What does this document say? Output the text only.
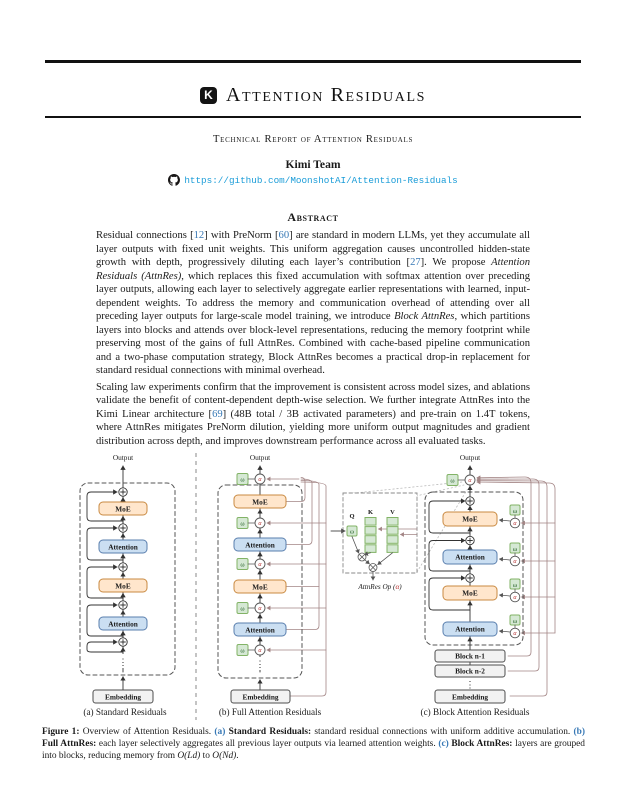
K Attention Residuals
Technical Report of Attention Residuals
Kimi Team
https://github.com/MoonshotAI/Attention-Residuals
Abstract

Residual connections [12] with PreNorm [60] are standard in modern LLMs, yet they accumulate all layer outputs with fixed unit weights. This uniform aggregation causes uncontrolled hidden-state growth with depth, progressively diluting each layer’s contribution [27]. We propose Attention Residuals (AttnRes), which replaces this fixed accumulation with softmax attention over preceding layer outputs, allowing each layer to selectively aggregate earlier representations with learned, input-dependent weights. To address the memory and communication overhead of attending over all preceding layer outputs for large-scale model training, we introduce Block AttnRes, which partitions layers into blocks and attends over block-level representations, reducing the memory footprint while preserving most of the gains of full AttnRes. Combined with cache-based pipeline communication and a two-phase computation strategy, Block AttnRes becomes a practical drop-in replacement for standard residual connections with minimal overhead.

Scaling law experiments confirm that the improvement is consistent across model sizes, and ablations validate the benefit of content-dependent depth-wise selection. We further integrate AttnRes into the Kimi Linear architecture [69] (48B total / 3B activated parameters) and pre-train on 1.4T tokens, where AttnRes mitigates PreNorm dilution, yielding more uniform output magnitudes and gradient distribution across depth, and improves downstream performance across all evaluated tasks.

Output
MoE
Attention
MoE
Attention
⋮
Embedding
(a) Standard Residuals
Output
MoE
Attention
MoE
Attention
ω α
ω α
ω α
ω α
ω α
⋮
Embedding
(b) Full Attention Residuals
Q
ω
K	V
AttnRes Op (α)
Output
ω α
MoE
Attention
MoE
Attention
ω
α
ω
α
ω
α
ω
α
Block n-1
Block n-2
⋮
Embedding
(c) Block Attention Residuals
Figure 1: Overview of Attention Residuals. (a) Standard Residuals: standard residual connections with uniform additive accumulation. (b) Full AttnRes: each layer selectively aggregates all previous layer outputs via learned attention weights. (c) Block AttnRes: layers are grouped into blocks, reducing memory from O(Ld) to O(Nd).
